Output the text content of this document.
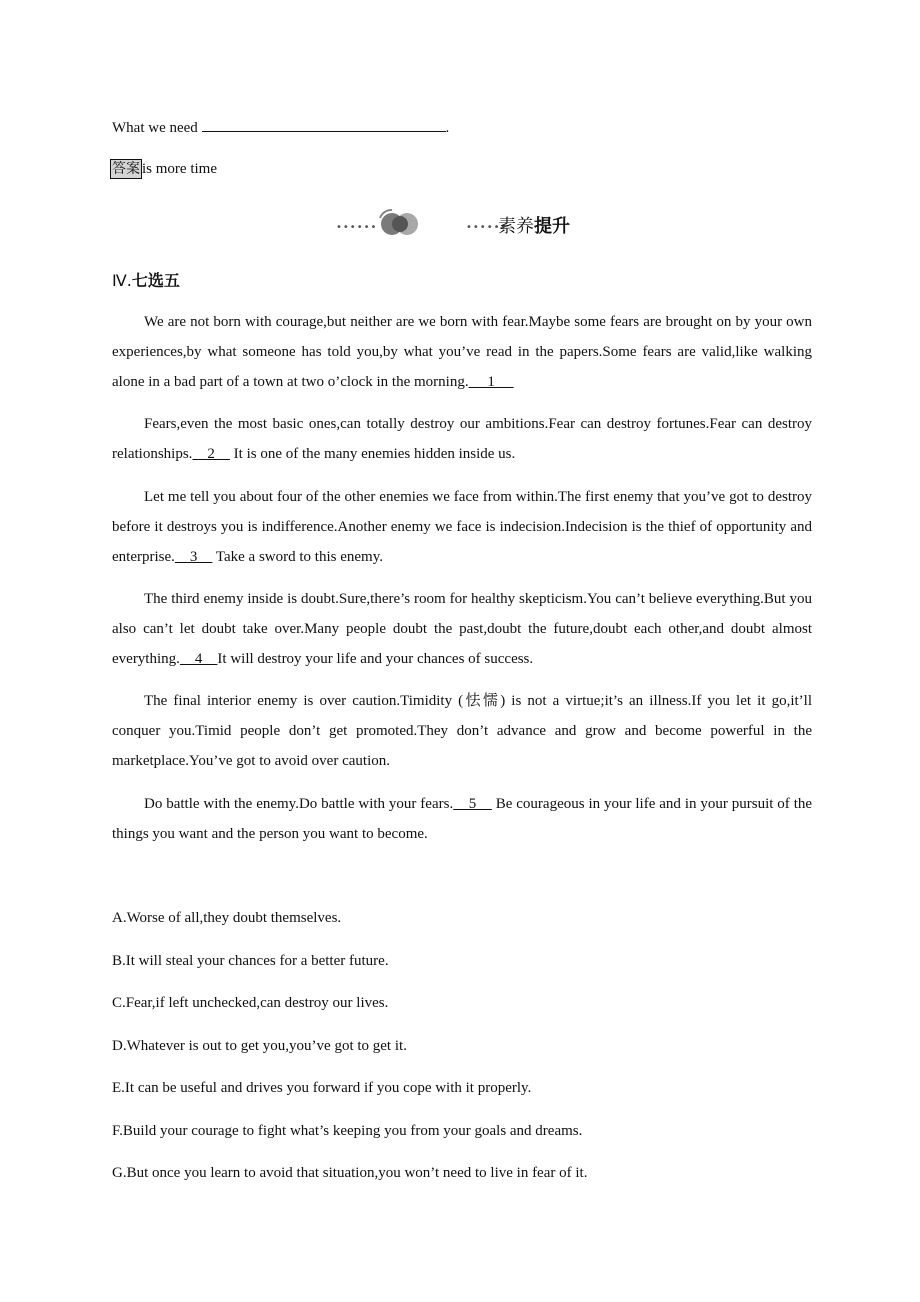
What we need	.
答案 is more time
••••••	••••••
素养提升
Ⅳ.七选五
We are not born with courage,but neither are we born with fear.Maybe some fears are brought on by your own experiences,by what someone has told you,by what you’ve read in the papers.Some fears are valid,like walking alone in a bad part of a town at two o’clock in the morning.     1
Fears,even the most basic ones,can totally destroy our ambitions.Fear can destroy fortunes.Fear can destroy relationships.    2     It is one of the many enemies hidden inside us.
Let me tell you about four of the other enemies we face from within.The first enemy that you’ve got to destroy before it destroys you is indifference.Another enemy we face is indecision.Indecision is the thief of opportunity and enterprise.    3     Take a sword to this enemy.
The third enemy inside is doubt.Sure,there’s room for healthy skepticism.You can’t believe everything.But you also can’t let doubt take over.Many people doubt the past,doubt the future,doubt each other,and doubt almost everything.    4    It will destroy your life and your chances of success.
The final interior enemy is over caution.Timidity (怯懦) is not a virtue;it’s an illness.If you let it go,it’ll conquer you.Timid people don’t get promoted.They don’t advance and grow and become powerful in the marketplace.You’ve got to avoid over caution.
Do battle with the enemy.Do battle with your fears.    5     Be courageous in your life and in your pursuit of the things you want and the person you want to become.
A.Worse of all,they doubt themselves.
B.It will steal your chances for a better future.
C.Fear,if left unchecked,can destroy our lives.
D.Whatever is out to get you,you’ve got to get it.
E.It can be useful and drives you forward if you cope with it properly.
F.Build your courage to fight what’s keeping you from your goals and dreams.
G.But once you learn to avoid that situation,you won’t need to live in fear of it.
